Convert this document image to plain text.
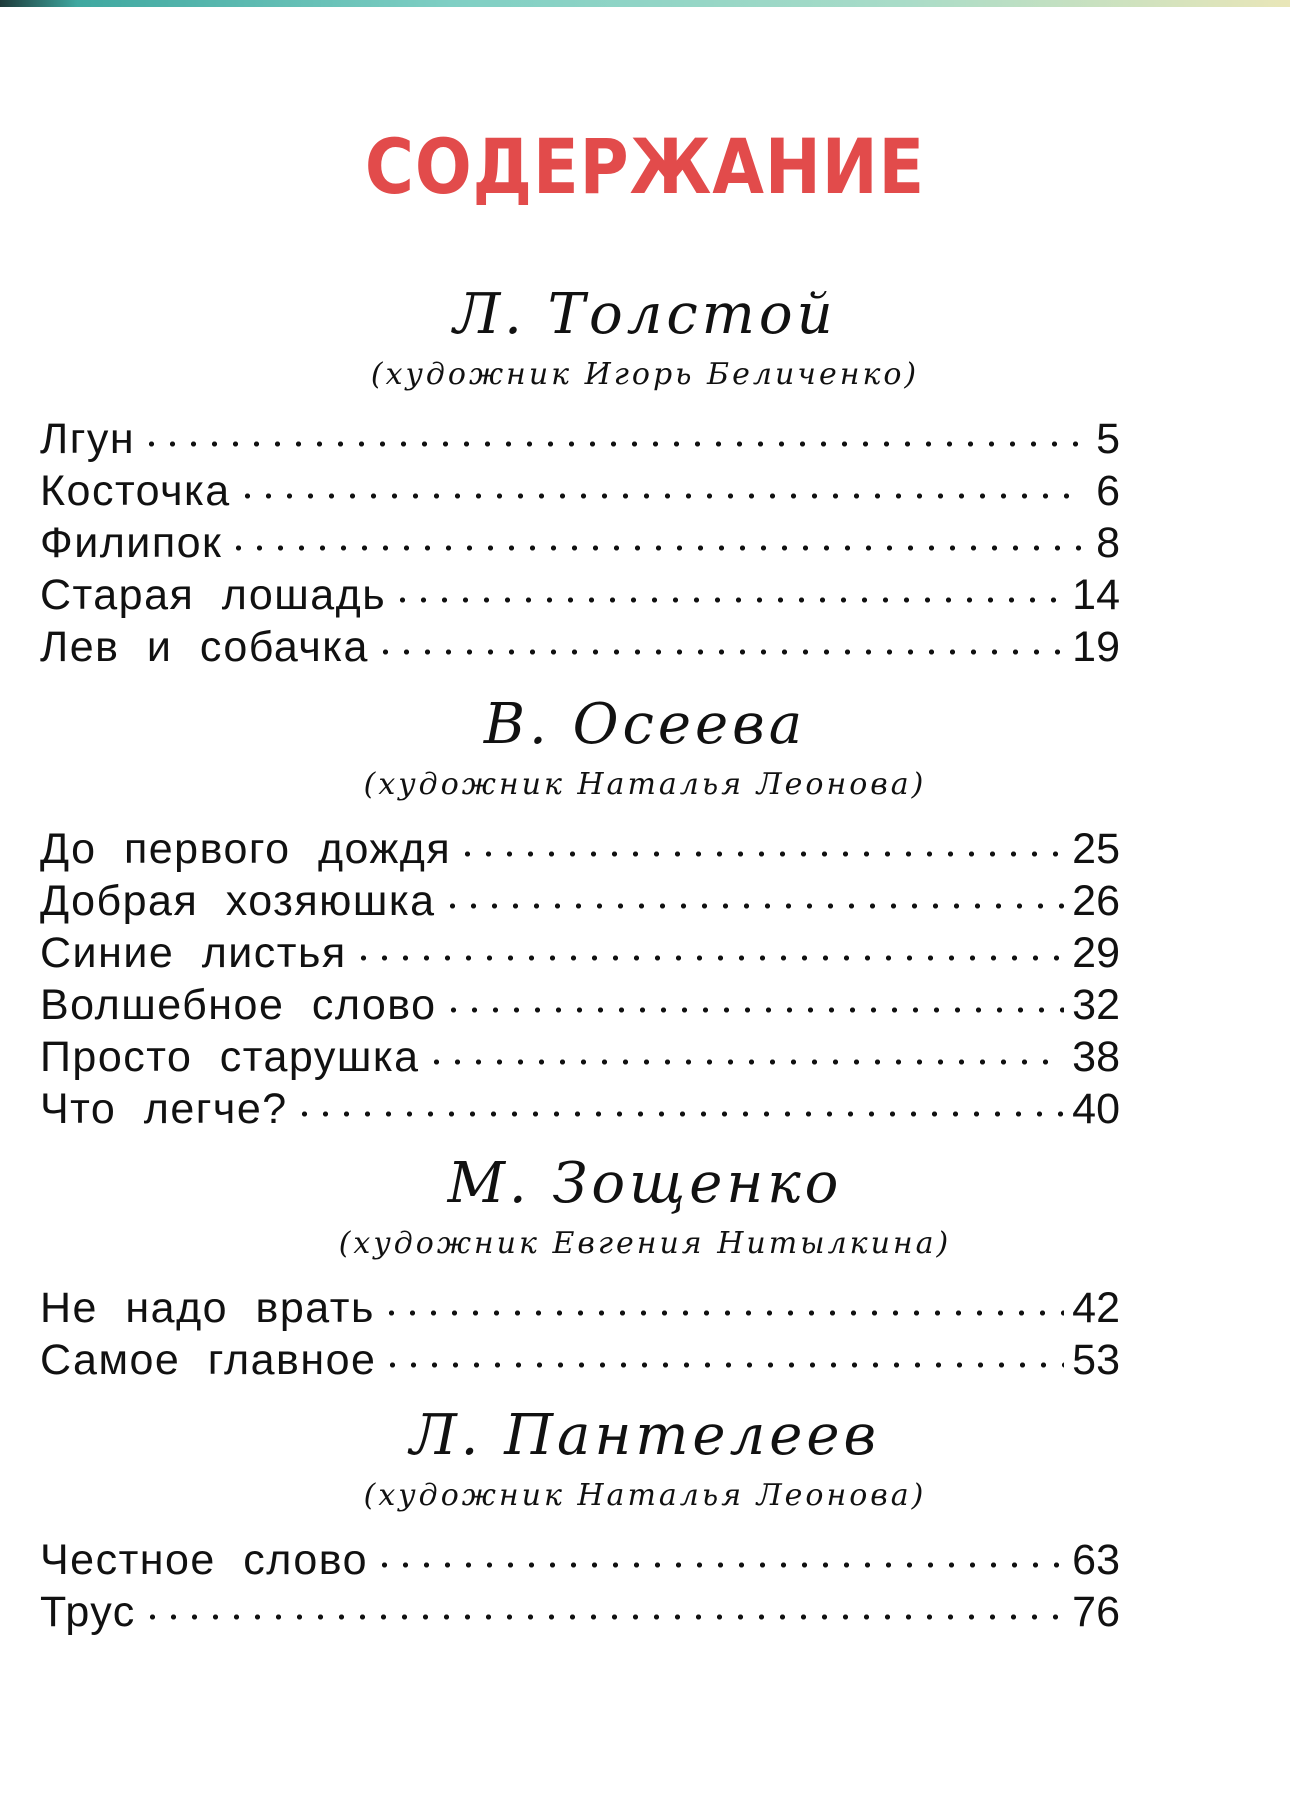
СОДЕРЖАНИЕ
Л. Толстой
(художник Игорь Беличенко)
Лгун	5
Косточка	6
Филипок	8
Старая лошадь	14
Лев и собачка	19
В. Осеева
(художник Наталья Леонова)
До первого дождя	25
Добрая хозяюшка	26
Синие листья	29
Волшебное слово	32
Просто старушка	38
Что легче?	40
М. Зощенко
(художник Евгения Нитылкина)
Не надо врать	42
Самое главное	53
Л. Пантелеев
(художник Наталья Леонова)
Честное слово	63
Трус	76
